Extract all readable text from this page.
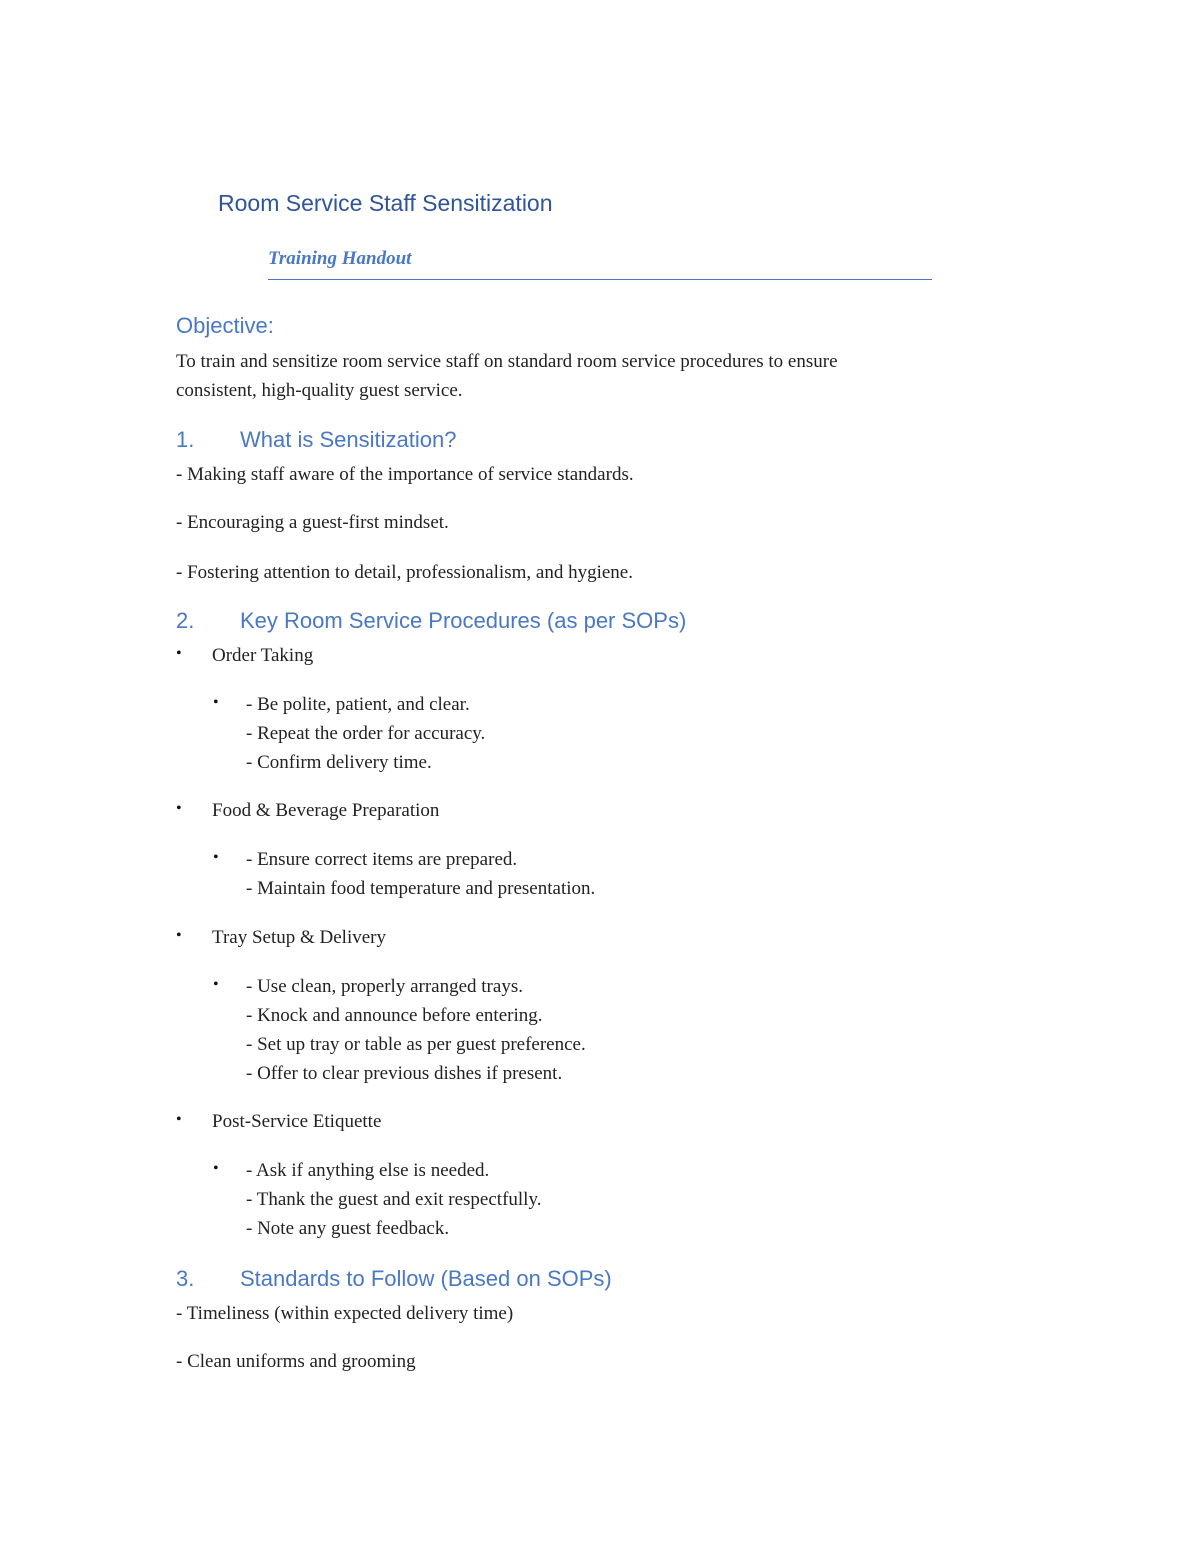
Room Service Staff Sensitization
Training Handout
Objective:
To train and sensitize room service staff on standard room service procedures to ensure
consistent, high-quality guest service.
1. What is Sensitization?
- Making staff aware of the importance of service standards.
- Encouraging a guest-first mindset.
- Fostering attention to detail, professionalism, and hygiene.
2. Key Room Service Procedures (as per SOPs)
• Order Taking
• - Be polite, patient, and clear.
- Repeat the order for accuracy.
- Confirm delivery time.
• Food & Beverage Preparation
• - Ensure correct items are prepared.
- Maintain food temperature and presentation.
• Tray Setup & Delivery
• - Use clean, properly arranged trays.
- Knock and announce before entering.
- Set up tray or table as per guest preference.
- Offer to clear previous dishes if present.
• Post-Service Etiquette
• - Ask if anything else is needed.
- Thank the guest and exit respectfully.
- Note any guest feedback.
3. Standards to Follow (Based on SOPs)
- Timeliness (within expected delivery time)
- Clean uniforms and grooming
